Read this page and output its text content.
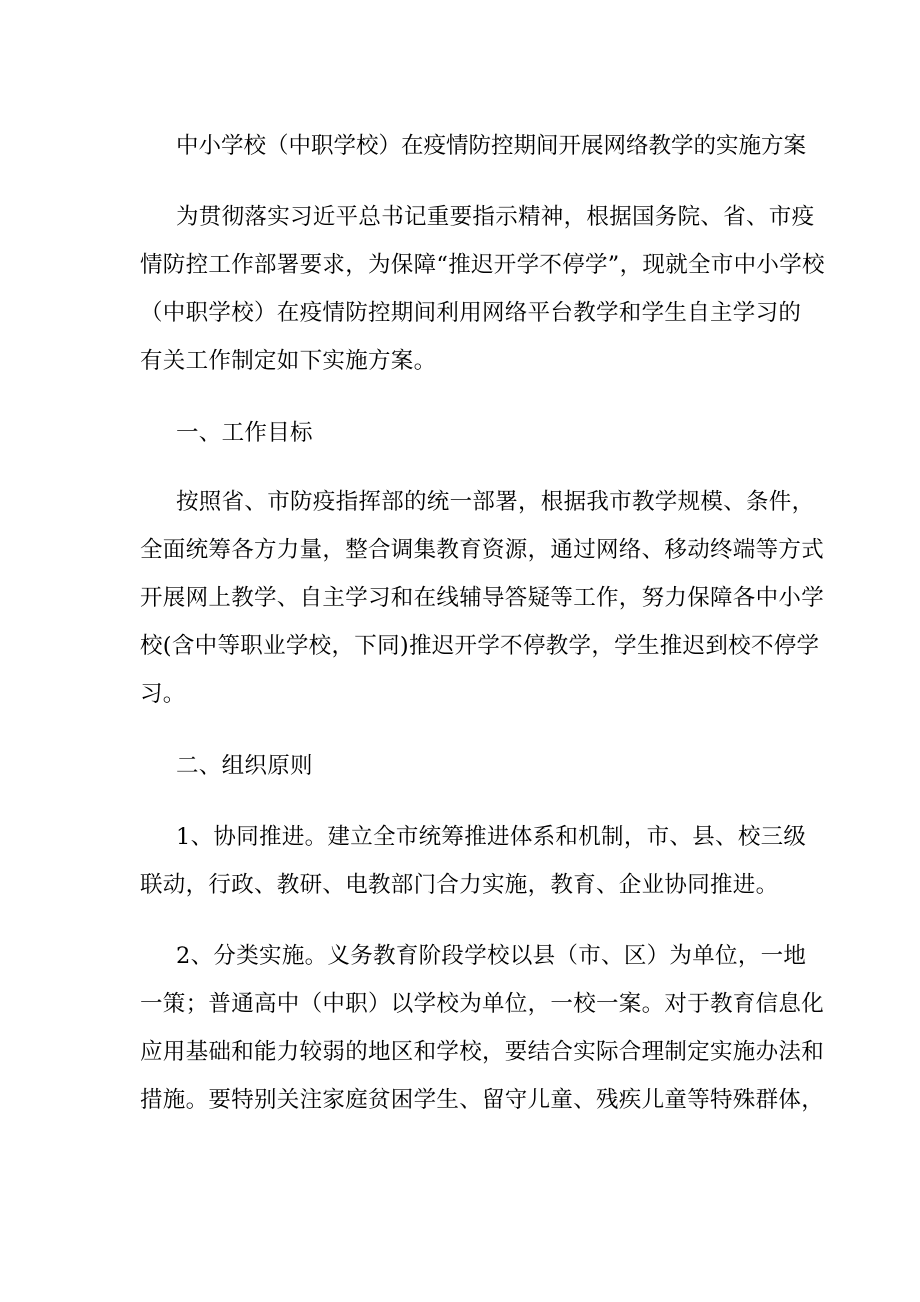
中小学校（中职学校）在疫情防控期间开展网络教学的实施方案
为贯彻落实习近平总书记重要指示精神，根据国务院、省、市疫
情防控工作部署要求，为保障“推迟开学不停学”，现就全市中小学校
（中职学校）在疫情防控期间利用网络平台教学和学生自主学习的
有关工作制定如下实施方案。
一、工作目标
按照省、市防疫指挥部的统一部署，根据我市教学规模、条件，
全面统筹各方力量，整合调集教育资源，通过网络、移动终端等方式
开展网上教学、自主学习和在线辅导答疑等工作，努力保障各中小学
校(含中等职业学校，下同)推迟开学不停教学，学生推迟到校不停学
习。
二、组织原则
1、协同推进。建立全市统筹推进体系和机制，市、县、校三级
联动，行政、教研、电教部门合力实施，教育、企业协同推进。
2、分类实施。义务教育阶段学校以县（市、区）为单位，一地
一策；普通高中（中职）以学校为单位，一校一案。对于教育信息化
应用基础和能力较弱的地区和学校，要结合实际合理制定实施办法和
措施。要特别关注家庭贫困学生、留守儿童、残疾儿童等特殊群体，
